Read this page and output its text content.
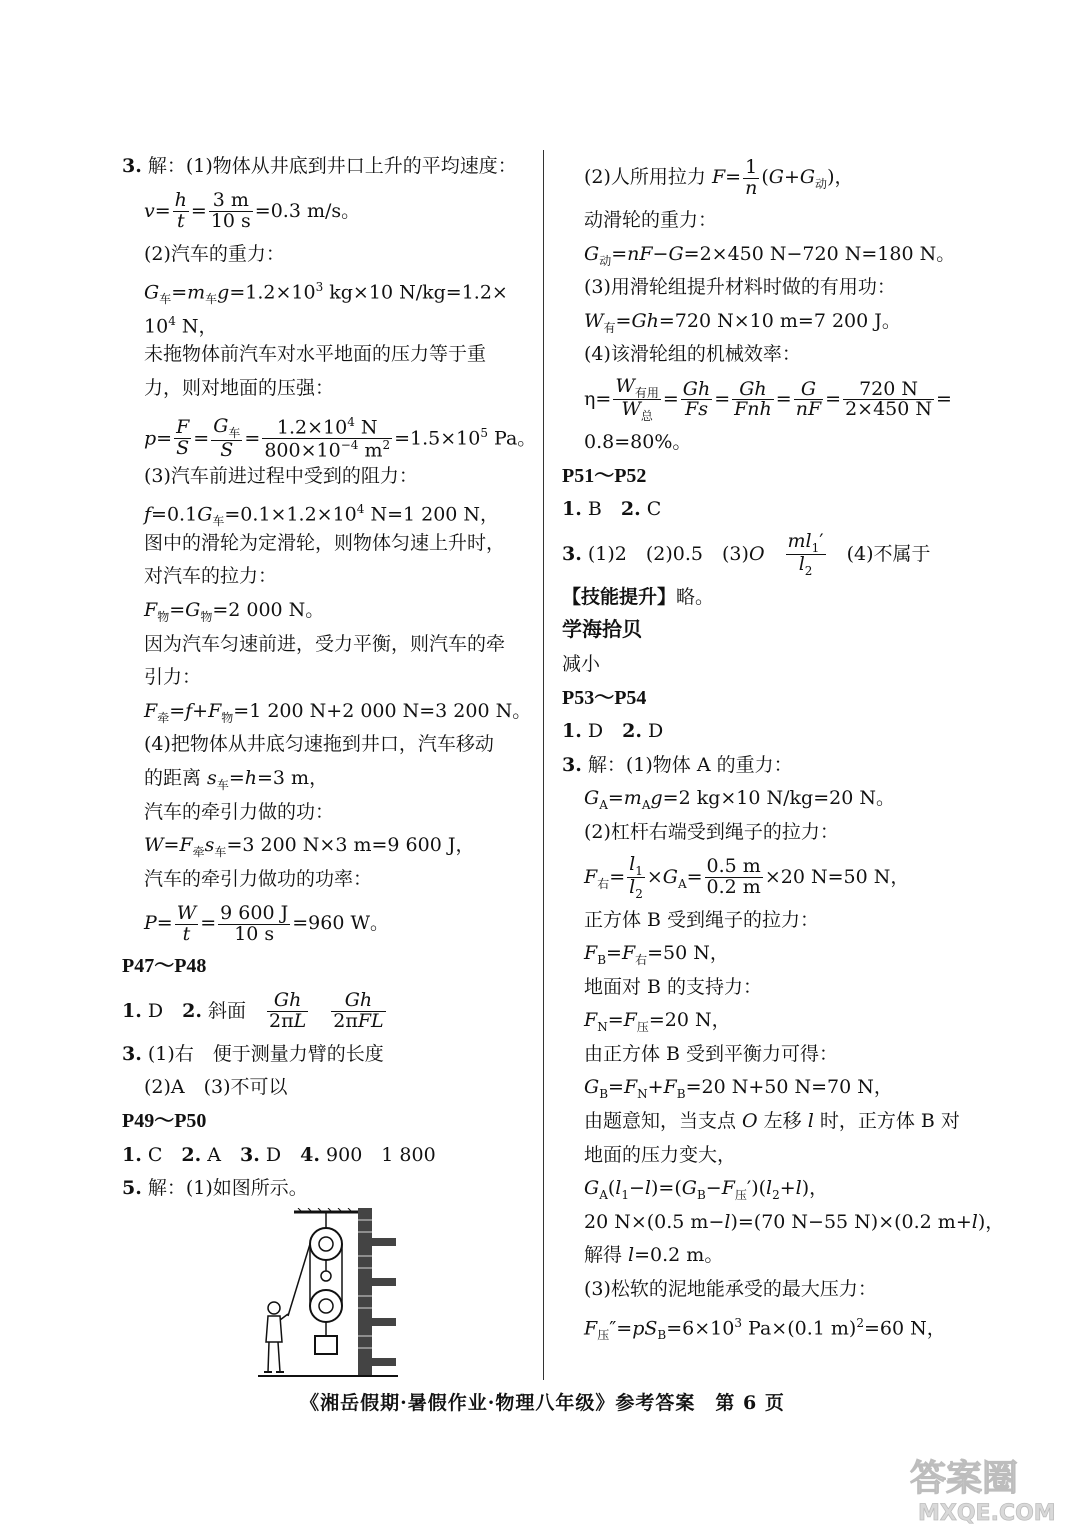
3. 解：(1)物体从井底到井口上升的平均速度：
$v= \frac{h}{t} = \frac{3 m}{10 s} =0.3$ m/s。
(2)汽车的重力：
$G_车=m_车g=1.2\times 10^3$ kg×10 N/kg=1.2×
$10^4$ N，
未拖物体前汽车对水平地面的压力等于重
力，则对地面的压强：
$p= \frac{F}{S} = \frac{G_车}{S} = \frac{1.2\times 10^4 N}{800\times 10^{-4} m^2} =1.5\times 10^5$ Pa。
(3)汽车前进过程中受到的阻力：
$f=0.1G_车=0.1\times 1.2\times 10^4$ N=1 200 N，
图中的滑轮为定滑轮，则物体匀速上升时，
对汽车的拉力：
$F_物=G_物=2$ 000 N。
因为汽车匀速前进，受力平衡，则汽车的牵
引力：
$F_牵=f+F_物=1$ 200 N+2 000 N=3 200 N。
(4)把物体从井底匀速拖到井口，汽车移动
的距离 $s_车=h=3$ m，
汽车的牵引力做的功：
$W=F_牵s_车=3$ 200 N×3 m=9 600 J，
汽车的牵引力做功的功率：
$P= \frac{W}{t} = \frac{9 600 J}{10 s} =960$ W。
P47～P48
1. D　2. 斜面　 $\frac{Gh}{2\pi L}$
　 $\frac{Gh}{\text{2πFL}}$
3. (1)右　便于测量力臂的长度
(2)A　(3)不可以
P49～P50
1. C　2. A　3. D　4. 900　1 800
5. 解：(1)如图所示。
(2)人所用拉力 $F= \frac{1}{n} (G+G_动)$，
动滑轮的重力：
$G_动=nF-G=2\times 450$ N−720 N=180 N。
(3)用滑轮组提升材料时做的有用功：
$W_有=Gh=720$ N×10 m=7 200 J。
(4)该滑轮组的机械效率：
$\eta= \frac{W_{有用}}{W_总} = \frac{Gh}{Fs} = \frac{Gh}{\text{Fnh}} = \frac{G}{nF} = \frac{720 N}{2\times 450 N}$ =
0.8=80%。
P51～P52
1. B　2. C
3. (1)2　(2)0.5　(3)O　 $\frac{ml_1'}{l_2}$ 　(4)不属于
【技能提升】略。
学海拾贝
减小
P53～P54
1. D　2. D
3. 解：(1)物体 A 的重力：
$G_A=m_Ag=2$ kg×10 N/kg=20 N。
(2)杠杆右端受到绳子的拉力：
$F_右= \frac{l_1}{l_2} \times G_A= \frac{0.5 m}{0.2 m} \times 20$ N=50 N，
正方体 B 受到绳子的拉力：
$F_B=F_右=50$ N，
地面对 B 的支持力：
$F_N=F_压=20$ N，
由正方体 B 受到平衡力可得：
$G_B=F_N+F_B=20$ N+50 N=70 N，
由题意知，当支点 O 左移 l 时，正方体 B 对
地面的压力变大，
$G_A(l_1-l)=(G_B-F_压')(l_2+l)$，
20 N×(0.5 m−l)=(70 N−55 N)×(0.2 m+l)，
解得 l=0.2 m。
(3)松软的泥地能承受的最大压力：
$F_压''=pS_B=6\times 10^3$ Pa×(0.1 m)$^2$=60 N，
《湘岳假期·暑假作业·物理八年级》参考答案　第 6 页
答案圈
MXQE.COM
